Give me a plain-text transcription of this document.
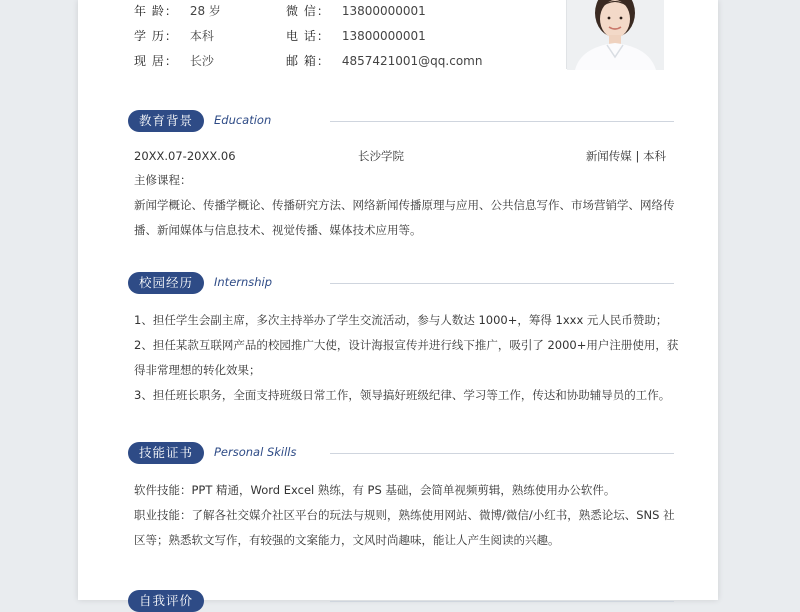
年 龄： 28 岁
学 历： 本科
现 居： 长沙
微 信： 13800000001
电 话： 13800000001
邮 箱： 4857421001@qq.comn
教育背景	Education
20XX.07-20XX.06	长沙学院	新闻传媒 | 本科
主修课程：
新闻学概论、传播学概论、传播研究方法、网络新闻传播原理与应用、公共信息写作、市场营销学、网络传
播、新闻媒体与信息技术、视觉传播、媒体技术应用等。
校园经历	Internship
1、担任学生会副主席，多次主持举办了学生交流活动，参与人数达 1000+，筹得 1xxx 元人民币赞助；
2、担任某款互联网产品的校园推广大使，设计海报宣传并进行线下推广，吸引了 2000+用户注册使用，获
得非常理想的转化效果；
3、担任班长职务，全面支持班级日常工作，领导搞好班级纪律、学习等工作，传达和协助辅导员的工作。
技能证书	Personal Skills
软件技能：PPT 精通，Word Excel 熟练，有 PS 基础，会简单视频剪辑，熟练使用办公软件。
职业技能：了解各社交媒介社区平台的玩法与规则，熟练使用网站、微博/微信/小红书，熟悉论坛、SNS 社
区等；熟悉软文写作，有较强的文案能力，文风时尚趣味，能让人产生阅读的兴趣。
自我评价
